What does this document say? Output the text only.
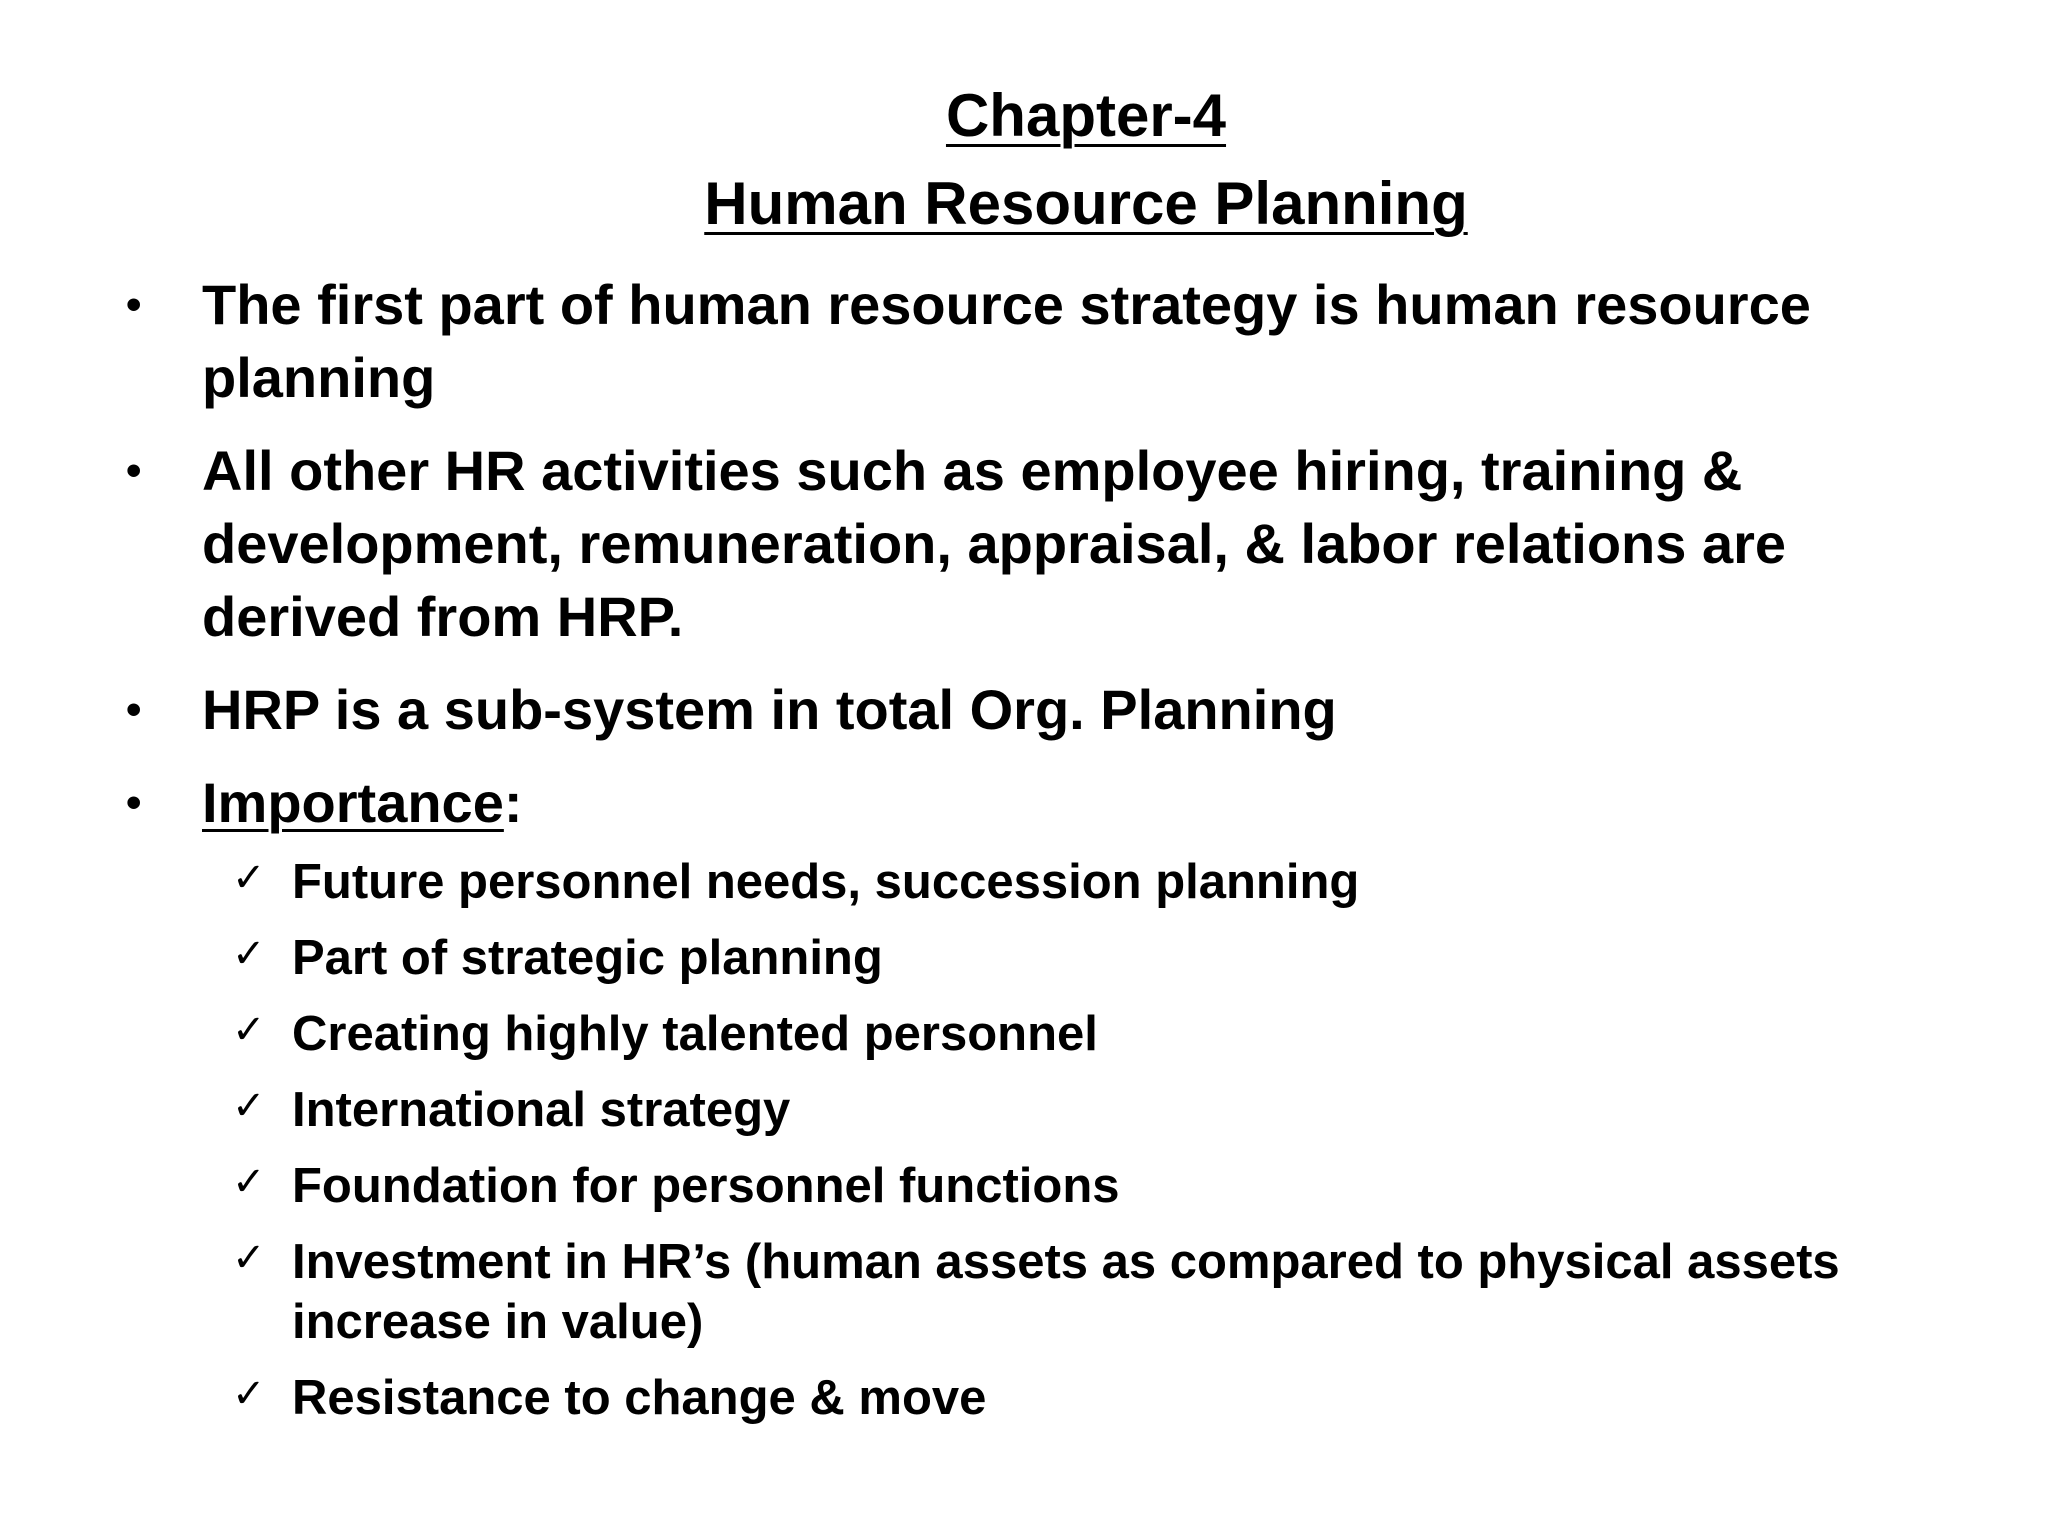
Chapter-4
Human Resource Planning
• The first part of human resource strategy is human resource planning
• All other HR activities such as employee hiring, training & development, remuneration, appraisal, & labor relations are derived from HRP.
• HRP is a sub-system in total Org. Planning
• Importance:
✓ Future personnel needs, succession planning
✓ Part of strategic planning
✓ Creating highly talented personnel
✓ International strategy
✓ Foundation for personnel functions
✓ Investment in HR’s (human assets as compared to physical assets increase in value)
✓ Resistance to change & move
